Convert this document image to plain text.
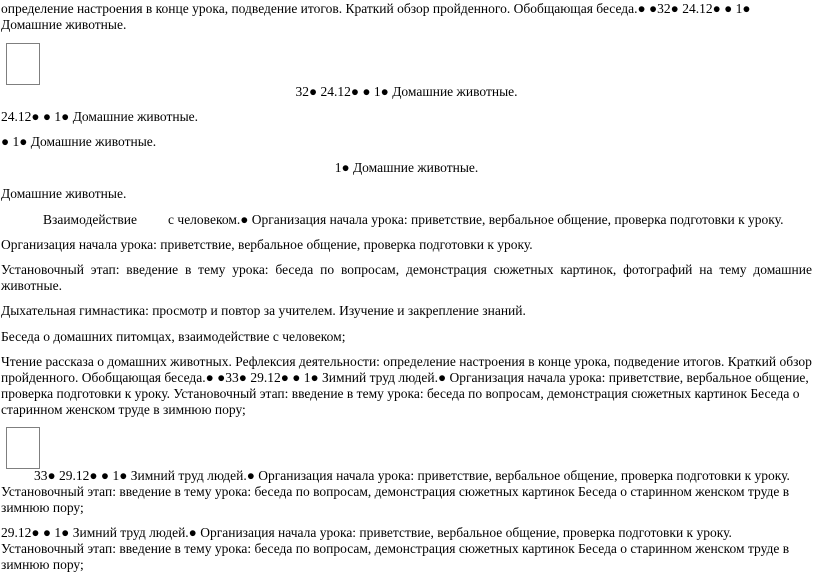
определение настроения в конце урока, подведение итогов. Краткий обзор пройденного. Обобщающая беседа.● ●32● 24.12● ● 1● Домашние животные.

32● 24.12● ● 1● Домашние животные.

24.12● ● 1● Домашние животные.

● 1● Домашние животные.

1● Домашние животные.

Домашние животные.

Взаимодействие с человеком.● Организация начала урока: приветствие, вербальное общение, проверка подготовки к уроку.

Организация начала урока: приветствие, вербальное общение, проверка подготовки к уроку.

Установочный этап: введение в тему урока: беседа по вопросам, демонстрация сюжетных картинок, фотографий на тему домашние животные.

Дыхательная гимнастика: просмотр и повтор за учителем. Изучение и закрепление знаний.

Беседа о домашних питомцах, взаимодействие с человеком;

Чтение рассказа о домашних животных. Рефлексия деятельности: определение настроения в конце урока, подведение итогов. Краткий обзор пройденного. Обобщающая беседа.● ●33● 29.12● ● 1● Зимний труд людей.● Организация начала урока: приветствие, вербальное общение, проверка подготовки к уроку. Установочный этап: введение в тему урока: беседа по вопросам, демонстрация сюжетных картинок Беседа о старинном женском труде в зимнюю пору;

33● 29.12● ● 1● Зимний труд людей.● Организация начала урока: приветствие, вербальное общение, проверка подготовки к уроку. Установочный этап: введение в тему урока: беседа по вопросам, демонстрация сюжетных картинок Беседа о старинном женском труде в зимнюю пору;

29.12● ● 1● Зимний труд людей.● Организация начала урока: приветствие, вербальное общение, проверка подготовки к уроку. Установочный этап: введение в тему урока: беседа по вопросам, демонстрация сюжетных картинок Беседа о старинном женском труде в зимнюю пору;
